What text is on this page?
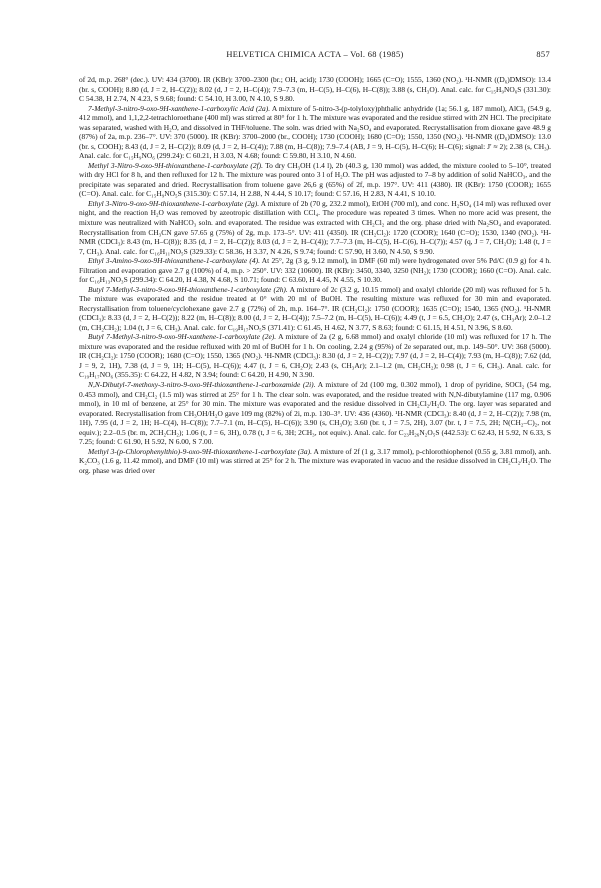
HELVETICA CHIMICA ACTA – Vol. 68 (1985)	857

of 2d, m.p. 268° (dec.). UV: 434 (3700). IR (KBr): 3700–2300 (br.; OH, acid); 1730 (COOH); 1665 (C=O); 1555, 1360 (NO₂). ¹H-NMR ((D₆)DMSO): 13.4 (br. s, COOH); 8.80 (d, J = 2, H–C(2)); 8.02 (d, J = 2, H–C(4)); 7.9–7.3 (m, H–C(5), H–C(6), H–C(8)); 3.88 (s, CH₃O). Anal. calc. for C₁₅H₉NO₆S (331.30): C 54.38, H 2.74, N 4.23, S 9.68; found: C 54.10, H 3.00, N 4.10, S 9.80.

7-Methyl-3-nitro-9-oxo-9H-xanthene-1-carboxylic Acid (2a). A mixture of 5-nitro-3-(p-tolyloxy)phthalic anhydride (1a; 56.1 g, 187 mmol), AlCl₃ (54.9 g, 412 mmol), and 1,1,2,2-tetrachloroethane (400 ml) was stirred at 80° for 1 h. The mixture was evaporated and the residue stirred with 2N HCl. The precipitate was separated, washed with H₂O, and dissolved in THF/toluene. The soln. was dried with Na₂SO₄ and evaporated. Recrystallisation from dioxane gave 48.9 g (87%) of 2a, m.p. 236–7°. UV: 370 (5000). IR (KBr): 3700–2000 (br., COOH); 1730 (COOH); 1680 (C=O); 1550, 1350 (NO₂). ¹H-NMR ((D₆)DMSO): 13.0 (br. s, COOH); 8.43 (d, J = 2, H–C(2)); 8.09 (d, J = 2, H–C(4)); 7.88 (m, H–C(8)); 7.9–7.4 (AB, J = 9, H–C(5), H–C(6); H–C(6); signal: J′ ≈ 2); 2.38 (s, CH₃). Anal. calc. for C₁₅H₉NO₆ (299.24): C 60.21, H 3.03, N 4.68; found: C 59.80, H 3.10, N 4.60.

Methyl 3-Nitro-9-oxo-9H-thioxanthene-1-carboxylate (2f). To dry CH₃OH (1.4 l), 2b (40.3 g, 130 mmol) was added, the mixture cooled to 5–10°, treated with dry HCl for 8 h, and then refluxed for 12 h. The mixture was poured onto 3 l of H₂O. The pH was adjusted to 7–8 by addition of solid NaHCO₃, and the precipitate was separated and dried. Recrystallisation from toluene gave 26,6 g (65%) of 2f, m.p. 197°. UV: 411 (4380). IR (KBr): 1750 (COOR); 1655 (C=O). Anal. calc. for C₁₅H₉NO₅S (315.30): C 57.14, H 2.88, N 4.44, S 10.17; found: C 57.16, H 2.83, N 4.41, S 10.10.

Ethyl 3-Nitro-9-oxo-9H-thioxanthene-1-carboxylate (2g). A mixture of 2b (70 g, 232.2 mmol), EtOH (700 ml), and conc. H₂SO₄ (14 ml) was refluxed over night, and the reaction H₂O was removed by azeotropic distillation with CCl₄. The procedure was repeated 3 times. When no more acid was present, the mixture was neutralized with NaHCO₃ soln. and evaporated. The residue was extracted with CH₂Cl₂ and the org. phase dried with Na₂SO₄ and evaporated. Recrystallisation from CH₃CN gave 57.65 g (75%) of 2g, m.p. 173–5°. UV: 411 (4350). IR (CH₂Cl₂): 1720 (COOR); 1640 (C=O); 1530, 1340 (NO₂). ¹H-NMR (CDCl₃): 8.43 (m, H–C(8)); 8.35 (d, J = 2, H–C(2)); 8.03 (d, J = 2, H–C(4)); 7.7–7.3 (m, H–C(5), H–C(6), H–C(7)); 4.57 (q, J = 7, CH₂O); 1.48 (t, J = 7, CH₃). Anal. calc. for C₁₆H₁₁NO₅S (329.33): C 58.36, H 3.37, N 4.26, S 9.74; found: C 57.90, H 3.60, N 4.50, S 9.90.

Ethyl 3-Amino-9-oxo-9H-thioxanthene-1-carboxylate (4). At 25°, 2g (3 g, 9.12 mmol), in DMF (60 ml) were hydrogenated over 5% Pd/C (0.9 g) for 4 h. Filtration and evaporation gave 2.7 g (100%) of 4, m.p. > 250°. UV: 332 (10600). IR (KBr): 3450, 3340, 3250 (NH₂); 1730 (COOR); 1660 (C=O). Anal. calc. for C₁₆H₁₃NO₃S (299.34): C 64.20, H 4.38, N 4.68, S 10.71; found: C 63.60, H 4.45, N 4.55, S 10.30.

Butyl 7-Methyl-3-nitro-9-oxo-9H-thioxanthene-1-carboxylate (2h). A mixture of 2c (3.2 g, 10.15 mmol) and oxalyl chloride (20 ml) was refluxed for 5 h. The mixture was evaporated and the residue treated at 0° with 20 ml of BuOH. The resulting mixture was refluxed for 30 min and evaporated. Recrystallisation from toluene/cyclohexane gave 2.7 g (72%) of 2h, m.p. 164–7°. IR (CH₂Cl₂): 1750 (COOR); 1635 (C=O); 1540, 1365 (NO₂). ¹H-NMR (CDCl₃): 8.33 (d, J = 2, H–C(2)); 8.22 (m, H–C(8)); 8.00 (d, J = 2, H–C(4)); 7.5–7.2 (m, H–C(5), H–C(6)); 4.49 (t, J = 6.5, CH₂O); 2.47 (s, CH₃Ar); 2.0–1.2 (m, CH₂CH₂); 1.04 (t, J = 6, CH₃). Anal. calc. for C₁₉H₁₇NO₅S (371.41): C 61.45, H 4.62, N 3.77, S 8.63; found: C 61.15, H 4.51, N 3.96, S 8.60.

Butyl 7-Methyl-3-nitro-9-oxo-9H-xanthene-1-carboxylate (2e). A mixture of 2a (2 g, 6.68 mmol) and oxalyl chloride (10 ml) was refluxed for 17 h. The mixture was evaporated and the residue refluxed with 20 ml of BuOH for 1 h. On cooling, 2.24 g (95%) of 2e separated out, m.p. 149–50°. UV: 368 (5000). IR (CH₂Cl₂): 1750 (COOR); 1680 (C=O); 1550, 1365 (NO₂). ¹H-NMR (CDCl₃): 8.30 (d, J = 2, H–C(2)); 7.97 (d, J = 2, H–C(4)); 7.93 (m, H–C(8)); 7.62 (dd, J = 9, 2, 1H), 7.38 (d, J = 9, 1H; H–C(5), H–C(6)); 4.47 (t, J = 6, CH₂O); 2.43 (s, CH₃Ar); 2.1–1.2 (m, CH₂CH₂); 0.98 (t, J = 6, CH₃). Anal. calc. for C₁₉H₁₇NO₆ (355.35): C 64.22, H 4.82, N 3.94; found: C 64.20, H 4.90, N 3.90.

N,N-Dibutyl-7-methoxy-3-nitro-9-oxo-9H-thioxanthene-1-carboxamide (2i). A mixture of 2d (100 mg, 0.302 mmol), 1 drop of pyridine, SOCl₂ (54 mg, 0.453 mmol), and CH₂Cl₂ (1.5 ml) was stirred at 25° for 1 h. The clear soln. was evaporated, and the residue treated with N,N-dibutylamine (117 mg, 0.906 mmol), in 10 ml of benzene, at 25° for 30 min. The mixture was evaporated and the residue dissolved in CH₂Cl₂/H₂O. The org. layer was separated and evaporated. Recrystallisation from CH₃OH/H₂O gave 109 mg (82%) of 2i, m.p. 130–3°. UV: 436 (4360). ¹H-NMR (CDCl₃): 8.40 (d, J = 2, H–C(2)); 7.98 (m, 1H), 7.95 (d, J = 2, 1H; H–C(4), H–C(8)); 7.7–7.1 (m, H–C(5), H–C(6)); 3.90 (s, CH₃O); 3.60 (br. t, J = 7.5, 2H), 3.07 (br. t, J = 7.5, 2H; N(CH₂–C)₂, not equiv.); 2.2–0.5 (br. m, 2CH₂CH₂); 1.06 (t, J = 6, 3H), 0.78 (t, J = 6, 3H; 2CH₃, not equiv.). Anal. calc. for C₂₃H₂₆N₂O₅S (442.53): C 62.43, H 5.92, N 6.33, S 7.25; found: C 61.90, H 5.92, N 6.00, S 7.00.

Methyl 3-(p-Chlorophenylthio)-9-oxo-9H-thioxanthene-1-carboxylate (3a). A mixture of 2f (1 g, 3.17 mmol), p-chlorothiophenol (0.55 g, 3.81 mmol), anh. K₂CO₃ (1.6 g, 11.42 mmol), and DMF (10 ml) was stirred at 25° for 2 h. The mixture was evaporated in vacuo and the residue dissolved in CH₂Cl₂/H₂O. The org. phase was dried over
